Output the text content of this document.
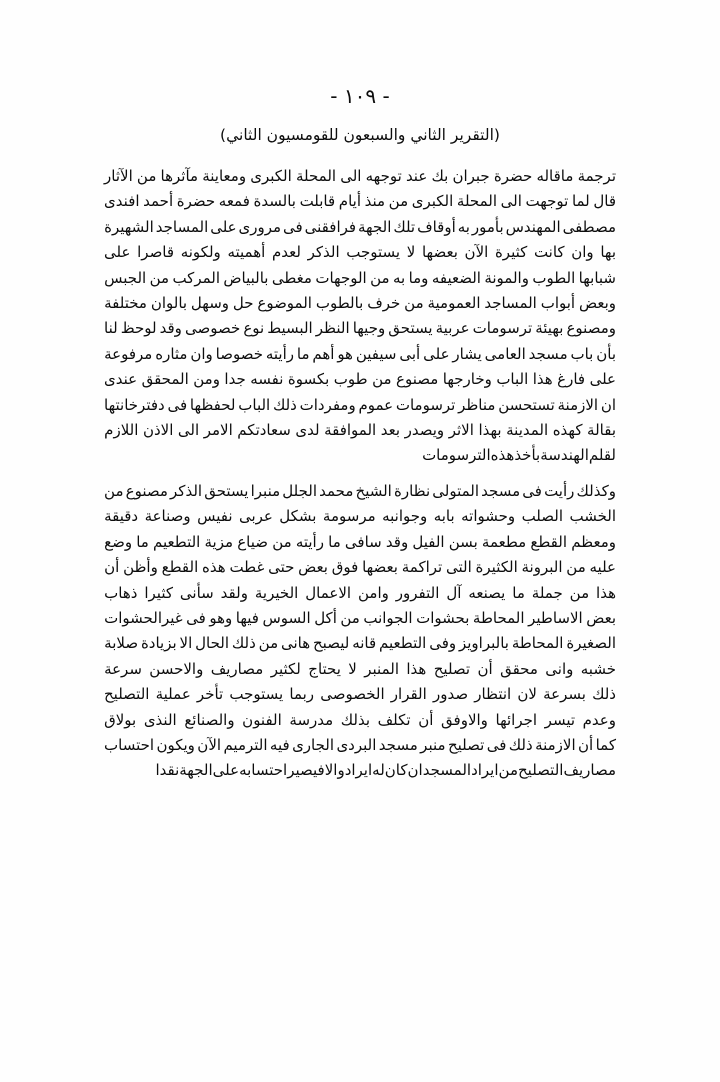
- ١٠٩ -
(التقرير الثاني والسبعون للقومسيون الثاني)
ترجمة
ماقاله
حضرة
جبران
بك
عند
توجهه
الى
المحلة
الكبرى
ومعاينة
مآثرها
من
الآثار
قال
لما
توجهت
الى
المحلة
الكبرى
من
منذ
أيام
قابلت
بالسدة
فمعه
حضرة
أحمد
افندى
مصطفى
المهندس
بأمور
به
أوقاف
تلك
الجهة
فرافقنى
فى
مرورى
على
المساجد
الشهيرة
بها
وان
كانت
كثيرة
الآن
بعضها
لا
يستوجب
الذكر
لعدم
أهميته
ولكونه
قاصرا
على
شبابها
الطوب
والمونة
الضعيفه
وما
به
من
الوجهات
مغطى
بالبياض
المركب
من
الجبس
وبعض
أبواب
المساجد
العمومية
من
خرف
بالطوب
الموضوع
حل
وسهل
بالوان
مختلفة
ومصنوع
بهيئة
ترسومات
عربية
يستحق
وجيها
النظر
البسيط
نوع
خصوصى
وقد
لوحظ
لنا
بأن
باب
مسجد
العامى
يشار
على
أبى
سيفين
هو
أهم
ما
رأيته
خصوصا
وان
مثاره
مرفوعة
على
فارغ
هذا
الباب
وخارجها
مصنوع
من
طوب
بكسوة
نفسه
جدا
ومن
المحقق
عندى
ان
الازمنة
تستحسن
مناظر
ترسومات
عموم
ومفردات
ذلك
الباب
لحفظها
فى
دفترخانتها
بقالة
كهذه
المدينة
بهذا
الاثر
ويصدر
بعد
الموافقة
لدى
سعادتكم
الامر
الى
الاذن
اللازم
لقلم
الهندسة
بأخذ
هذه
الترسومات
وكذلك
رأيت
فى
مسجد
المتولى
نظارة
الشيخ
محمد
الجلل
منبرا
يستحق
الذكر
مصنوع
من
الخشب
الصلب
وحشواته
بابه
وجوانبه
مرسومة
بشكل
عربى
نفيس
وصناعة
دقيقة
ومعظم
القطع
مطعمة
بسن
الفيل
وقد
سافى
ما
رأيته
من
ضياع
مزية
التطعيم
ما
وضع
عليه
من
البرونة
الكثيرة
التى
تراكمة
بعضها
فوق
بعض
حتى
غطت
هذه
القطع
وأظن
أن
هذا
من
جملة
ما
يصنعه
آل
التفرور
وامن
الاعمال
الخيرية
ولقد
سأنى
كثيرا
ذهاب
بعض
الاساطير
المحاطة
بحشوات
الجوانب
من
أكل
السوس
فيها
وهو
فى
غيرالحشوات
الصغيرة
المحاطة
بالبراويز
وفى
التطعيم
قانه
ليصبح
هانى
من
ذلك
الحال
الا
بزيادة
صلابة
خشبه
وانى
محقق
أن
تصليح
هذا
المنبر
لا
يحتاج
لكثير
مصاريف
والاحسن
سرعة
ذلك
بسرعة
لان
انتظار
صدور
القرار
الخصوصى
ربما
يستوجب
تأخر
عملية
التصليح
وعدم
تيسر
اجرائها
والاوفق
أن
تكلف
بذلك
مدرسة
الفنون
والصنائع
النذى
بولاق
كما
أن
الازمنة
ذلك
فى
تصليح
منبر
مسجد
البردى
الجارى
فيه
الترميم
الآن
ويكون
احتساب
مصاريف
التصليح
من
ايراد
المسجد
ان
كان
له
ايراد
والا
فيصير
احتسابه
على
الجهة
نقدا
